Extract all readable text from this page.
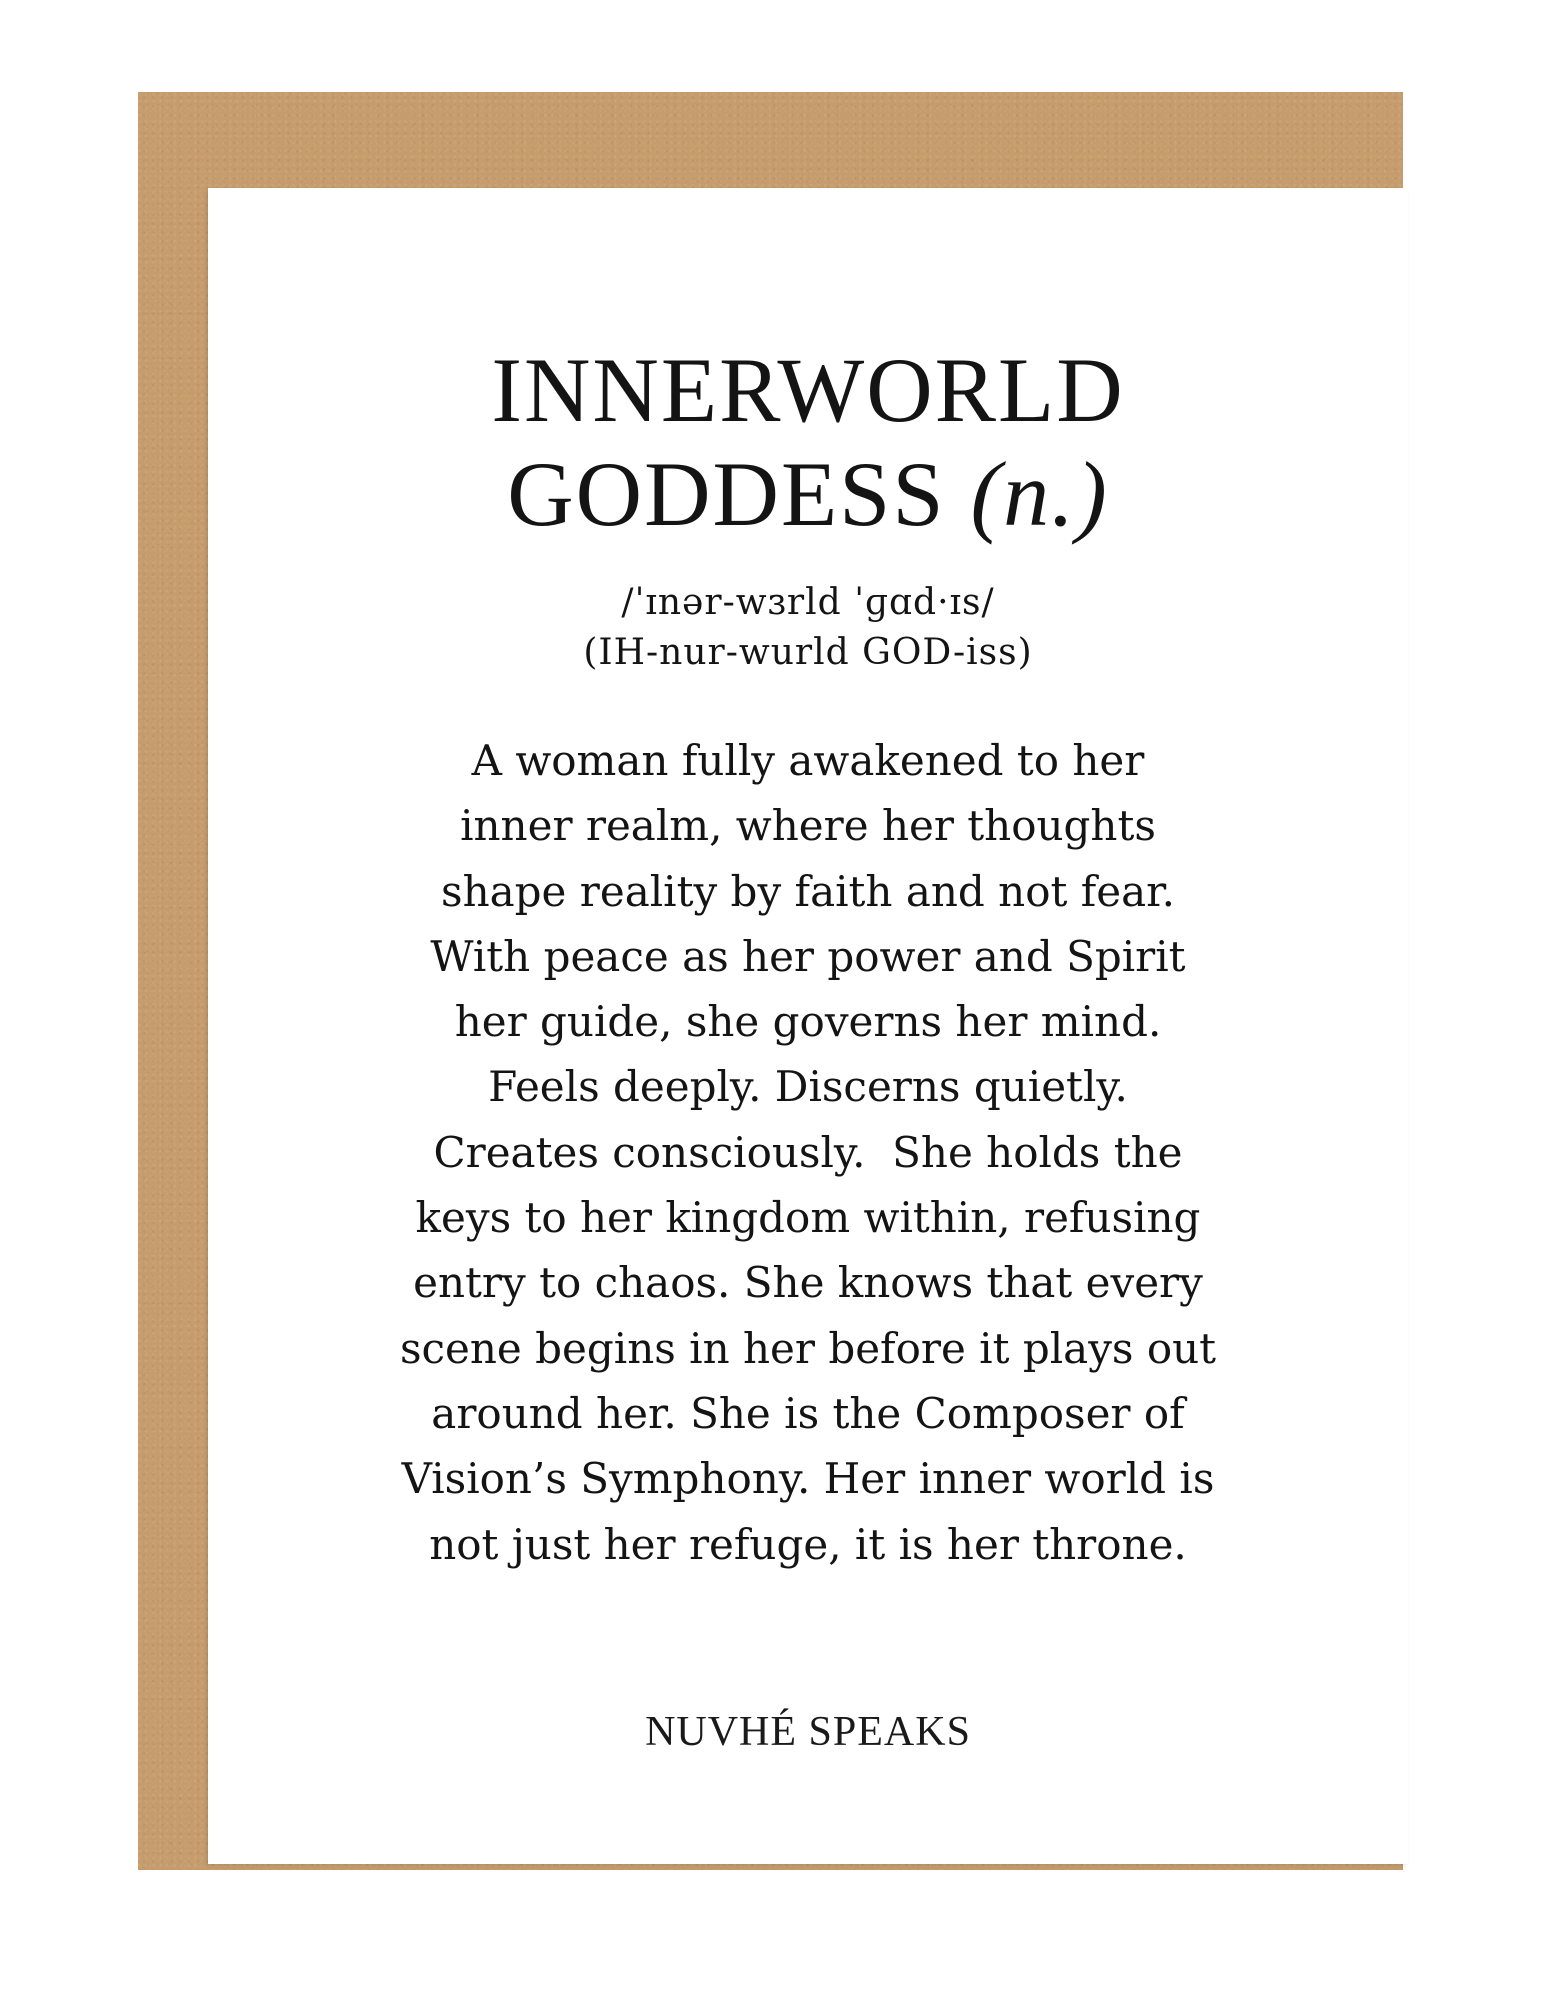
INNERWORLD
GODDESS (n.)
/ˈɪnər-wɜrld ˈɡɑd·ɪs/
(IH-nur-wurld GOD-iss)
A woman fully awakened to her
inner realm, where her thoughts
shape reality by faith and not fear.
With peace as her power and Spirit
her guide, she governs her mind.
Feels deeply. Discerns quietly.
Creates consciously.  She holds the
keys to her kingdom within, refusing
entry to chaos. She knows that every
scene begins in her before it plays out
around her. She is the Composer of
Vision’s Symphony. Her inner world is
not just her refuge, it is her throne.
NUVHÉ SPEAKS
